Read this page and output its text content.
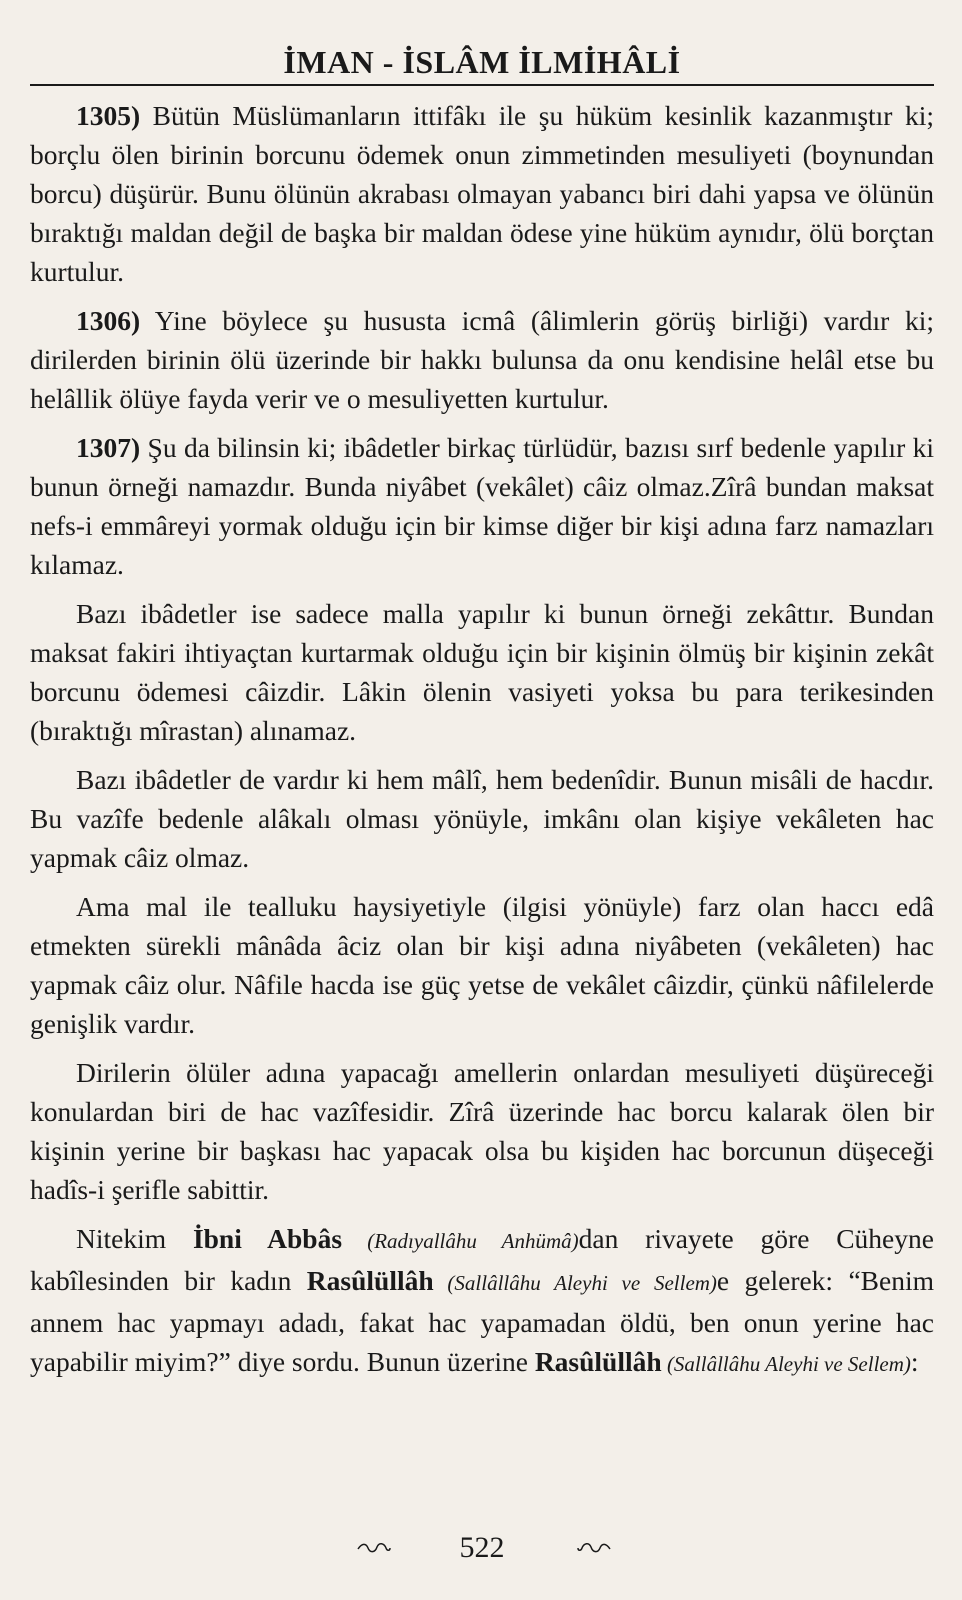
İMAN - İSLÂM İLMİHÂLİ

1305) Bütün Müslümanların ittifâkı ile şu hüküm kesinlik kazanmıştır ki; borçlu ölen birinin borcunu ödemek onun zimmetinden mesuliyeti (boynundan borcu) düşürür. Bunu ölünün akrabası olmayan yabancı biri dahi yapsa ve ölünün bıraktığı maldan değil de başka bir maldan ödese yine hüküm aynıdır, ölü borçtan kurtulur.

1306) Yine böylece şu hususta icmâ (âlimlerin görüş birliği) vardır ki; dirilerden birinin ölü üzerinde bir hakkı bulunsa da onu kendisine helâl etse bu helâllik ölüye fayda verir ve o mesuliyetten kurtulur.

1307) Şu da bilinsin ki; ibâdetler birkaç türlüdür, bazısı sırf bedenle yapılır ki bunun örneği namazdır. Bunda niyâbet (vekâlet) câiz olmaz.Zîrâ bundan maksat nefs-i emmâreyi yormak olduğu için bir kimse diğer bir kişi adına farz namazları kılamaz.

Bazı ibâdetler ise sadece malla yapılır ki bunun örneği zekâttır. Bundan maksat fakiri ihtiyaçtan kurtarmak olduğu için bir kişinin ölmüş bir kişinin zekât borcunu ödemesi câizdir. Lâkin ölenin vasiyeti yoksa bu para terikesinden (bıraktığı mîrastan) alınamaz.

Bazı ibâdetler de vardır ki hem mâlî, hem bedenîdir. Bunun misâli de hacdır. Bu vazîfe bedenle alâkalı olması yönüyle, imkânı olan kişiye vekâleten hac yapmak câiz olmaz.

Ama mal ile tealluku haysiyetiyle (ilgisi yönüyle) farz olan haccı edâ etmekten sürekli mânâda âciz olan bir kişi adına niyâbeten (vekâleten) hac yapmak câiz olur. Nâfile hacda ise güç yetse de vekâlet câizdir, çünkü nâfilelerde genişlik vardır.

Dirilerin ölüler adına yapacağı amellerin onlardan mesuliyeti düşüreceği konulardan biri de hac vazîfesidir. Zîrâ üzerinde hac borcu kalarak ölen bir kişinin yerine bir başkası hac yapacak olsa bu kişiden hac borcunun düşeceği hadîs-i şerifle sabittir.

Nitekim İbni Abbâs (Radıyallâhu Anhümâ)dan rivayete göre Cüheyne kabîlesinden bir kadın Rasûlüllâh (Sallâllâhu Aleyhi ve Sellem)e gelerek: “Benim annem hac yapmayı adadı, fakat hac yapamadan öldü, ben onun yerine hac yapabilir miyim?” diye sordu. Bunun üzerine Rasûlüllâh (Sallâllâhu Aleyhi ve Sellem):

522
